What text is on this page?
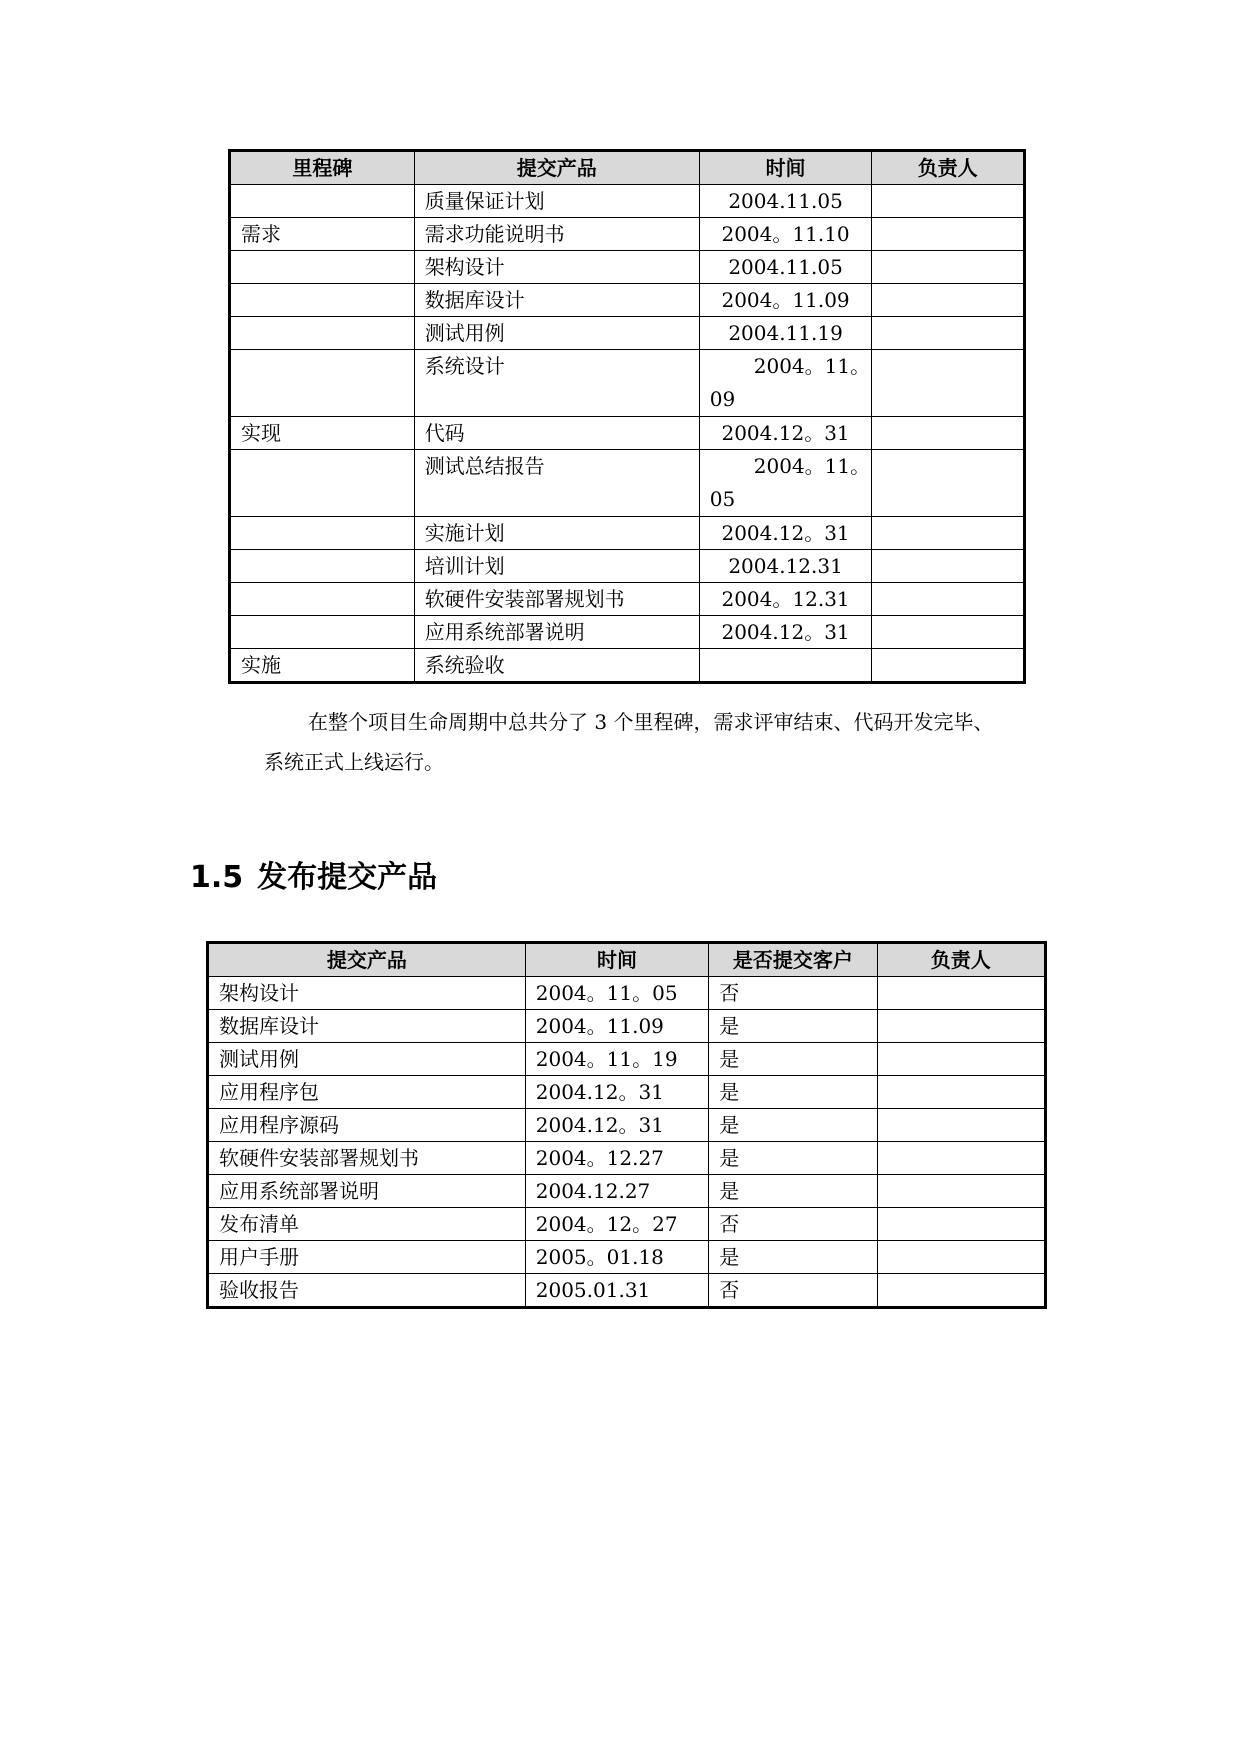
里程碑	提交产品	时间	负责人
	质量保证计划	2004.11.05	
需求	需求功能说明书	2004。11.10	
	架构设计	2004.11.05	
	数据库设计	2004。11.09	
	测试用例	2004.11.19	
	系统设计	2004。11。
09	

实现	代码	2004.12。31	
	测试总结报告	2004。11。
05	

	实施计划	2004.12。31	
	培训计划	2004.12.31	
	软硬件安装部署规划书	2004。12.31	
	应用系统部署说明	2004.12。31	
实施	系统验收		

在整个项目生命周期中总共分了 3 个里程碑，需求评审结束、代码开发完毕、

系统正式上线运行。

1.5 发布提交产品
提交产品	时间	是否提交客户	负责人
架构设计	2004。11。05	否	
数据库设计	2004。11.09	是	
测试用例	2004。11。19	是	
应用程序包	2004.12。31	是	
应用程序源码	2004.12。31	是	
软硬件安装部署规划书	2004。12.27	是	
应用系统部署说明	2004.12.27	是	
发布清单	2004。12。27	否	
用户手册	2005。01.18	是	
验收报告	2005.01.31	否	
